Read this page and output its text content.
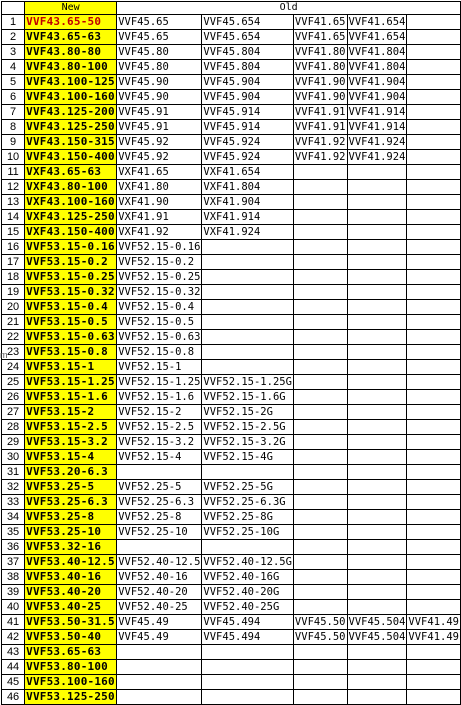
	New	Old				
1	VVF43.65-50	VVF45.65	VVF45.654	VVF41.65	VVF41.654	
2	VVF43.65-63	VVF45.65	VVF45.654	VVF41.65	VVF41.654	
3	VVF43.80-80	VVF45.80	VVF45.804	VVF41.80	VVF41.804	
4	VVF43.80-100	VVF45.80	VVF45.804	VVF41.80	VVF41.804	
5	VVF43.100-125	VVF45.90	VVF45.904	VVF41.90	VVF41.904	
6	VVF43.100-160	VVF45.90	VVF45.904	VVF41.90	VVF41.904	
7	VVF43.125-200	VVF45.91	VVF45.914	VVF41.91	VVF41.914	
8	VVF43.125-250	VVF45.91	VVF45.914	VVF41.91	VVF41.914	
9	VVF43.150-315	VVF45.92	VVF45.924	VVF41.92	VVF41.924	
10	VVF43.150-400	VVF45.92	VVF45.924	VVF41.92	VVF41.924	
11	VXF43.65-63	VXF41.65	VXF41.654			
12	VXF43.80-100	VXF41.80	VXF41.804			
13	VXF43.100-160	VXF41.90	VXF41.904			
14	VXF43.125-250	VXF41.91	VXF41.914			
15	VXF43.150-400	VXF41.92	VXF41.924			
16	VVF53.15-0.16	VVF52.15-0.16				
17	VVF53.15-0.2	VVF52.15-0.2				
18	VVF53.15-0.25	VVF52.15-0.25				
19	VVF53.15-0.32	VVF52.15-0.32				
20	VVF53.15-0.4	VVF52.15-0.4				
21	VVF53.15-0.5	VVF52.15-0.5				
22	VVF53.15-0.63	VVF52.15-0.63				
23	VVF53.15-0.8	VVF52.15-0.8				
24	VVF53.15-1	VVF52.15-1				
25	VVF53.15-1.25	VVF52.15-1.25	VVF52.15-1.25G			
26	VVF53.15-1.6	VVF52.15-1.6	VVF52.15-1.6G			
27	VVF53.15-2	VVF52.15-2	VVF52.15-2G			
28	VVF53.15-2.5	VVF52.15-2.5	VVF52.15-2.5G			
29	VVF53.15-3.2	VVF52.15-3.2	VVF52.15-3.2G			
30	VVF53.15-4	VVF52.15-4	VVF52.15-4G			
31	VVF53.20-6.3					
32	VVF53.25-5	VVF52.25-5	VVF52.25-5G			
33	VVF53.25-6.3	VVF52.25-6.3	VVF52.25-6.3G			
34	VVF53.25-8	VVF52.25-8	VVF52.25-8G			
35	VVF53.25-10	VVF52.25-10	VVF52.25-10G			
36	VVF53.32-16					
37	VVF53.40-12.5	VVF52.40-12.5	VVF52.40-12.5G			
38	VVF53.40-16	VVF52.40-16	VVF52.40-16G			
39	VVF53.40-20	VVF52.40-20	VVF52.40-20G			
40	VVF53.40-25	VVF52.40-25	VVF52.40-25G			
41	VVF53.50-31.5	VVF45.49	VVF45.494	VVF45.50	VVF45.504	VVF41.49
42	VVF53.50-40	VVF45.49	VVF45.494	VVF45.50	VVF45.504	VVF41.49
43	VVF53.65-63					
44	VVF53.80-100					
45	VVF53.100-160					
46	VVF53.125-250					
m
